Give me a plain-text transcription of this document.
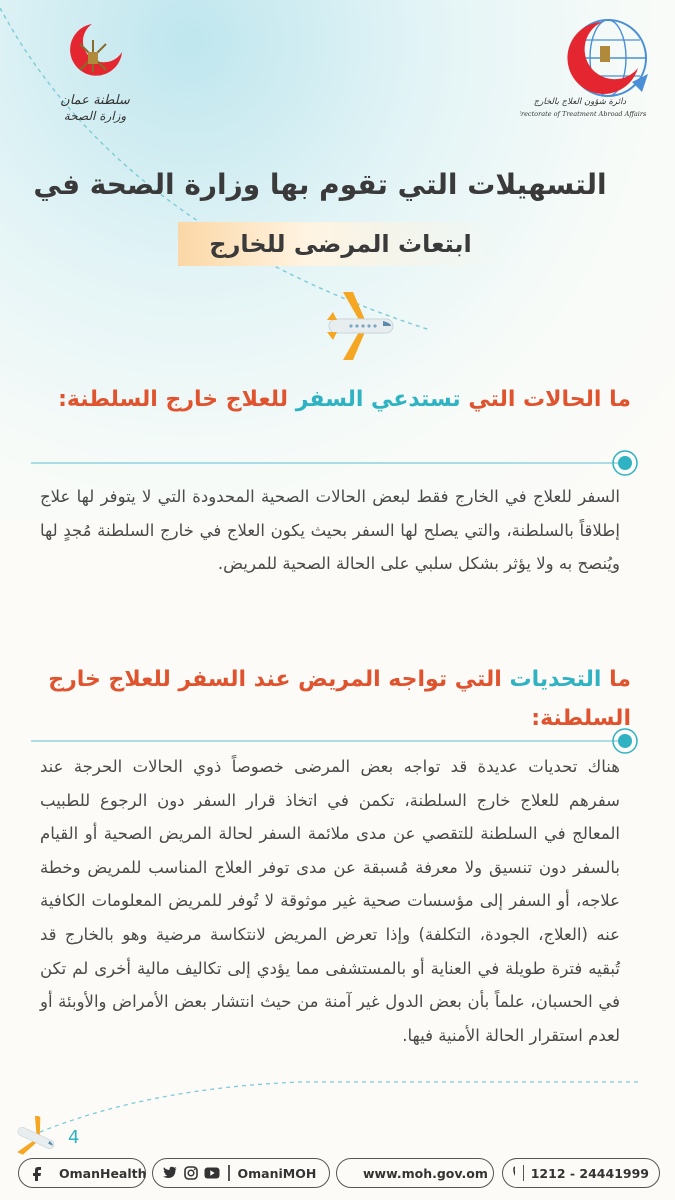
سلطنة عمان
وزارة الصحة
دائرة شؤون العلاج بالخارج
Directorate of Treatment Abroad Affairs
التسهيلات التي تقوم بها وزارة الصحة في
ابتعاث المرضى للخارج
ما الحالات التي تستدعي السفر للعلاج خارج السلطنة:
السفر للعلاج في الخارج فقط لبعض الحالات الصحية المحدودة التي لا يتوفر لها علاج إطلاقاً بالسلطنة، والتي يصلح لها السفر بحيث يكون العلاج في خارج السلطنة مُجدٍ لها ويُنصح به ولا يؤثر بشكل سلبي على الحالة الصحية للمريض.
ما التحديات التي تواجه المريض عند السفر للعلاج خارج السلطنة:
هناك تحديات عديدة قد تواجه بعض المرضى خصوصاً ذوي الحالات الحرجة عند سفرهم للعلاج خارج السلطنة، تكمن في اتخاذ قرار السفر دون الرجوع للطبيب المعالج في السلطنة للتقصي عن مدى ملائمة السفر لحالة المريض الصحية أو القيام بالسفر دون تنسيق ولا معرفة مُسبقة عن مدى توفر العلاج المناسب للمريض وخطة علاجه، أو السفر إلى مؤسسات صحية غير موثوقة لا تُوفر للمريض المعلومات الكافية عنه (العلاج، الجودة، التكلفة) وإذا تعرض المريض لانتكاسة مرضية وهو بالخارج قد تُبقيه فترة طويلة في العناية أو بالمستشفى مما يؤدي إلى تكاليف مالية أخرى لم تكن في الحسبان، علماً بأن بعض الدول غير آمنة من حيث انتشار بعض الأمراض والأوبئة أو لعدم استقرار الحالة الأمنية فيها.
4
OmanHealth	OmaniMOH	www.moh.gov.om	1212 - 24441999
